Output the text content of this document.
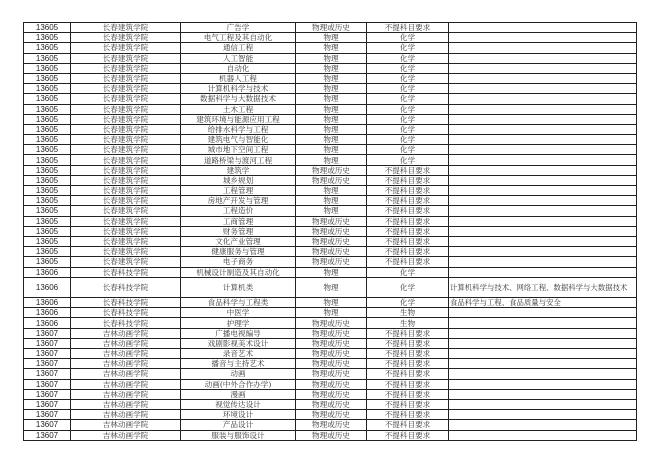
13605	长春建筑学院	广告学	物理或历史	不提科目要求	
13605	长春建筑学院	电气工程及其自动化	物理	化学	
13605	长春建筑学院	通信工程	物理	化学	
13605	长春建筑学院	人工智能	物理	化学	
13605	长春建筑学院	自动化	物理	化学	
13605	长春建筑学院	机器人工程	物理	化学	
13605	长春建筑学院	计算机科学与技术	物理	化学	
13605	长春建筑学院	数据科学与大数据技术	物理	化学	
13605	长春建筑学院	土木工程	物理	化学	
13605	长春建筑学院	建筑环境与能源应用工程	物理	化学	
13605	长春建筑学院	给排水科学与工程	物理	化学	
13605	长春建筑学院	建筑电气与智能化	物理	化学	
13605	长春建筑学院	城市地下空间工程	物理	化学	
13605	长春建筑学院	道路桥梁与渡河工程	物理	化学	
13605	长春建筑学院	建筑学	物理或历史	不提科目要求	
13605	长春建筑学院	城乡规划	物理或历史	不提科目要求	
13605	长春建筑学院	工程管理	物理	不提科目要求	
13605	长春建筑学院	房地产开发与管理	物理	不提科目要求	
13605	长春建筑学院	工程造价	物理	不提科目要求	
13605	长春建筑学院	工商管理	物理或历史	不提科目要求	
13605	长春建筑学院	财务管理	物理或历史	不提科目要求	
13605	长春建筑学院	文化产业管理	物理或历史	不提科目要求	
13605	长春建筑学院	健康服务与管理	物理或历史	不提科目要求	
13605	长春建筑学院	电子商务	物理或历史	不提科目要求	
13606	长春科技学院	机械设计制造及其自动化	物理	化学	
13606	长春科技学院	计算机类	物理	化学	计算机科学与技术、网络工程、数据科学与大数据技术
13606	长春科技学院	食品科学与工程类	物理	化学	食品科学与工程、食品质量与安全
13606	长春科技学院	中医学	物理	生物	
13606	长春科技学院	护理学	物理或历史	生物	
13607	吉林动画学院	广播电视编导	物理或历史	不提科目要求	
13607	吉林动画学院	戏剧影视美术设计	物理或历史	不提科目要求	
13607	吉林动画学院	录音艺术	物理或历史	不提科目要求	
13607	吉林动画学院	播音与主持艺术	物理或历史	不提科目要求	
13607	吉林动画学院	动画	物理或历史	不提科目要求	
13607	吉林动画学院	动画(中外合作办学)	物理或历史	不提科目要求	
13607	吉林动画学院	漫画	物理或历史	不提科目要求	
13607	吉林动画学院	视觉传达设计	物理或历史	不提科目要求	
13607	吉林动画学院	环境设计	物理或历史	不提科目要求	
13607	吉林动画学院	产品设计	物理或历史	不提科目要求	
13607	吉林动画学院	服装与服饰设计	物理或历史	不提科目要求	
